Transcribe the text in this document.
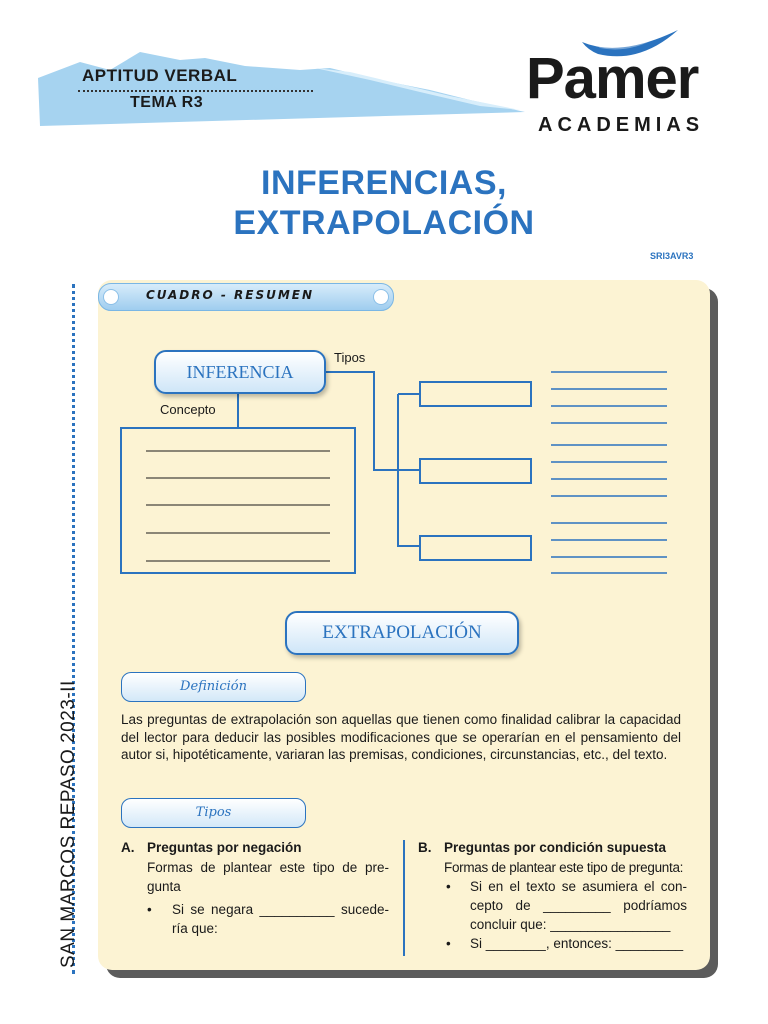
APTITUD VERBAL
TEMA R3	Pamer
ACADEMIAS
INFERENCIAS,
EXTRAPOLACIÓN
SRI3AVR3
SAN MARCOS REPASO 2023-II
CUADRO - RESUMEN
INFERENCIA
Tipos
Concepto
EXTRAPOLACIÓN
Definición
Las preguntas de extrapolación son aquellas que tienen como finalidad calibrar la capacidad del lector para deducir las posibles modificaciones que se operarían en el pensamiento del autor si, hipotéticamente, variaran las premisas, condiciones, circunstancias, etc., del texto.
Tipos
A. Preguntas por negación
Formas de plantear este tipo de pregunta
• Si se negara __________ sucedería que:
B. Preguntas por condición supuesta
Formas de plantear este tipo de pregunta:
• Si en el texto se asumiera el concepto de _________ podríamos concluir que: ________________
• Si ________, entonces: _________
